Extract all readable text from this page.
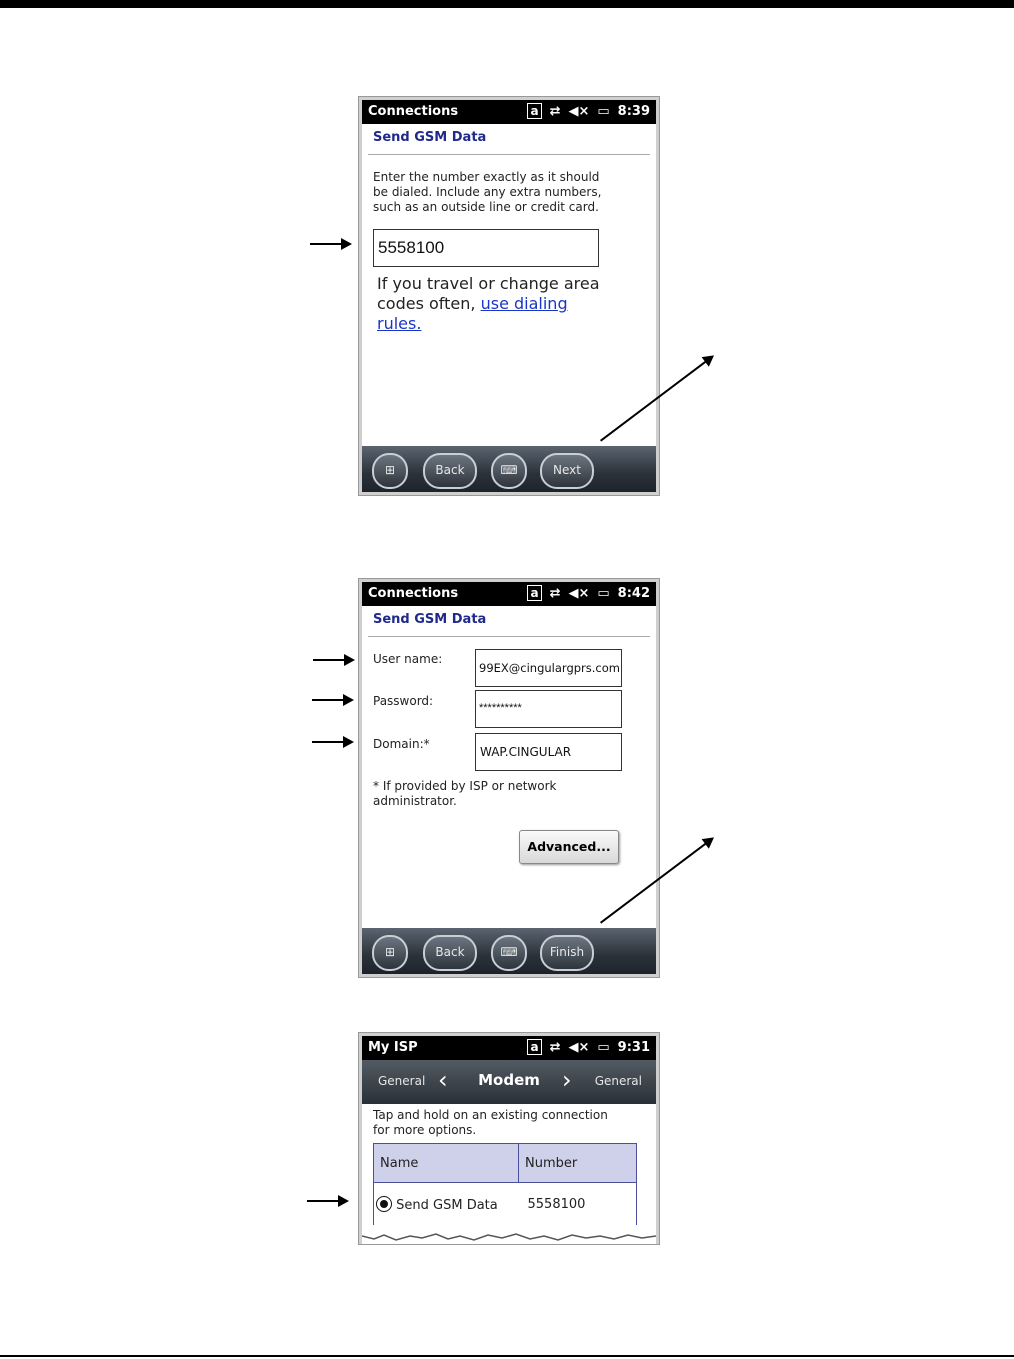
Connections	a ⇄ ◀× ▭ 8:39
Send GSM Data
Enter the number exactly as it should be dialed. Include any extra numbers, such as an outside line or credit card.
5558100
If you travel or change area codes often, use dialing rules.
⊞	Back	⌨	Next
Connections	a ⇄ ◀× ▭ 8:42
Send GSM Data
User name:
99EX@cingulargprs.com
Password:	**********
Domain:*
WAP.CINGULAR
* If provided by ISP or network administrator.
Advanced...
⊞	Back	⌨	Finish
My ISP	a ⇄ ◀× ▭ 9:31
General ‹	Modem › General
Tap and hold on an existing connection for more options.
Name	Number

Send GSM Data	5558100
